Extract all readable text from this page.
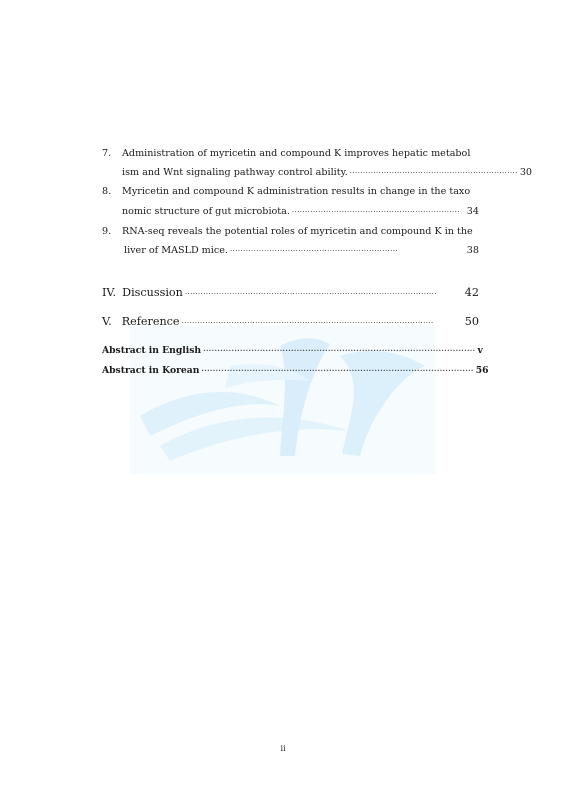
7. Administration of myricetin and compound K improves hepatic metabol
ism and Wnt signaling pathway control ability. ································································ 30
8. Myricetin and compound K administration results in change in the taxo
nomic structure of gut microbiota. ································································ 34
9. RNA-seq reveals the potential roles of myricetin and compound K in the
liver of MASLD mice. ································································	38
IV. Discussion ································································································	42
V. Reference ································································································	50
Abstract in English ································································································ v
Abstract in Korean ································································································ 56
ii
